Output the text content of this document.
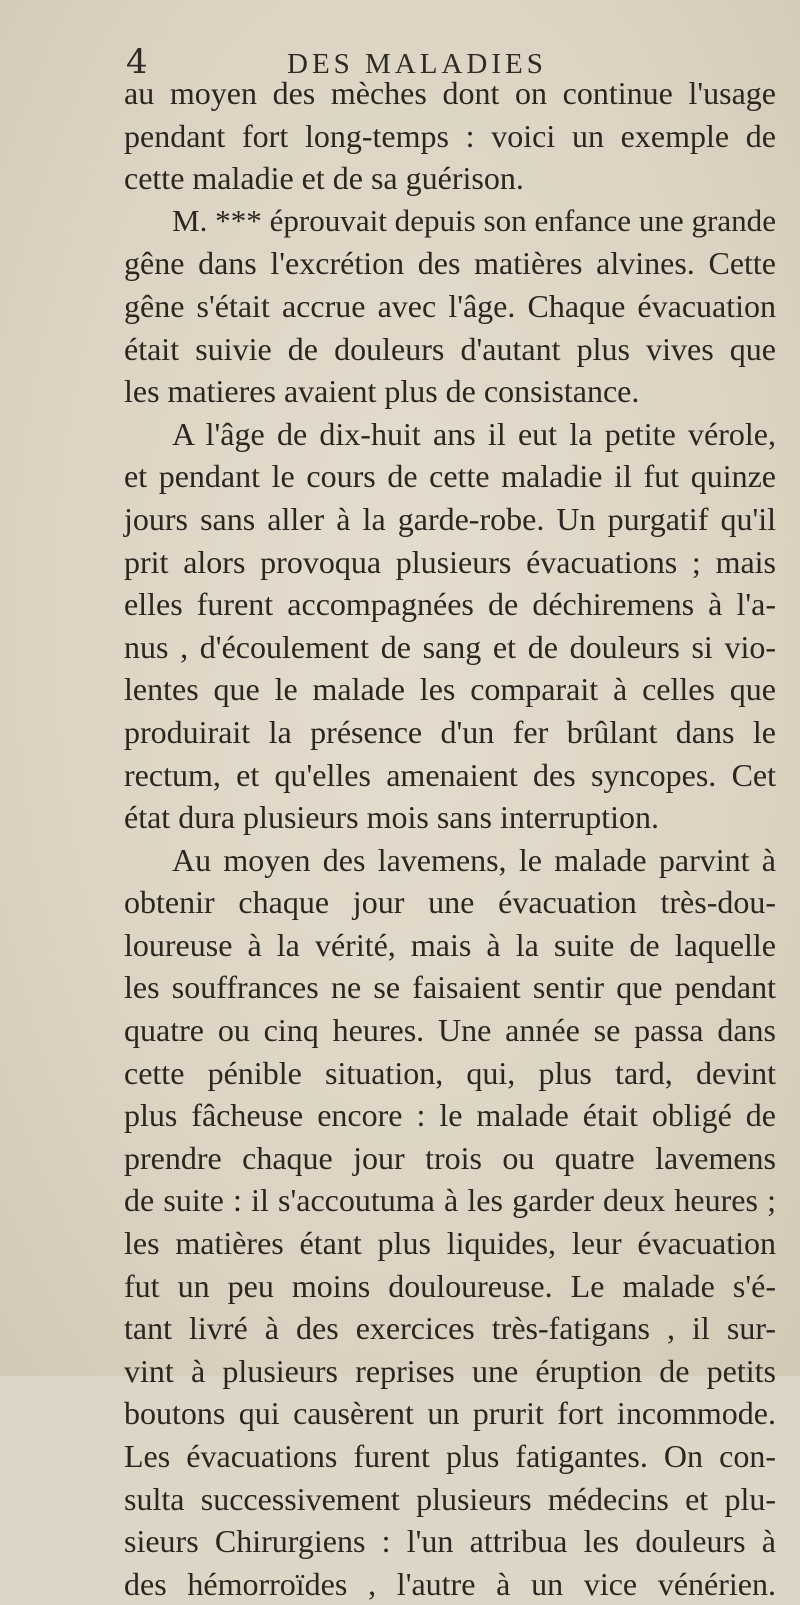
4	DES MALADIES
au moyen des mèches dont on continue l'usage
pendant fort long-temps : voici un exemple de
cette maladie et de sa guérison.
M. *** éprouvait depuis son enfance une grande
gêne dans l'excrétion des matières alvines. Cette
gêne s'était accrue avec l'âge. Chaque évacuation
était suivie de douleurs d'autant plus vives que
les matieres avaient plus de consistance.
A l'âge de dix-huit ans il eut la petite vérole,
et pendant le cours de cette maladie il fut quinze
jours sans aller à la garde-robe. Un purgatif qu'il
prit alors provoqua plusieurs évacuations ; mais
elles furent accompagnées de déchiremens à l'a-
nus , d'écoulement de sang et de douleurs si vio-
lentes que le malade les comparait à celles que
produirait la présence d'un fer brûlant dans le
rectum, et qu'elles amenaient des syncopes. Cet
état dura plusieurs mois sans interruption.
Au moyen des lavemens, le malade parvint à
obtenir chaque jour une évacuation très-dou-
loureuse à la vérité, mais à la suite de laquelle
les souffrances ne se faisaient sentir que pendant
quatre ou cinq heures. Une année se passa dans
cette pénible situation, qui, plus tard, devint
plus fâcheuse encore : le malade était obligé de
prendre chaque jour trois ou quatre lavemens
de suite : il s'accoutuma à les garder deux heures ;
les matières étant plus liquides, leur évacuation
fut un peu moins douloureuse. Le malade s'é-
tant livré à des exercices très-fatigans , il sur-
vint à plusieurs reprises une éruption de petits
boutons qui causèrent un prurit fort incommode.
Les évacuations furent plus fatigantes. On con-
sulta successivement plusieurs médecins et plu-
sieurs Chirurgiens : l'un attribua les douleurs à
des hémorroïdes , l'autre à un vice vénérien.
